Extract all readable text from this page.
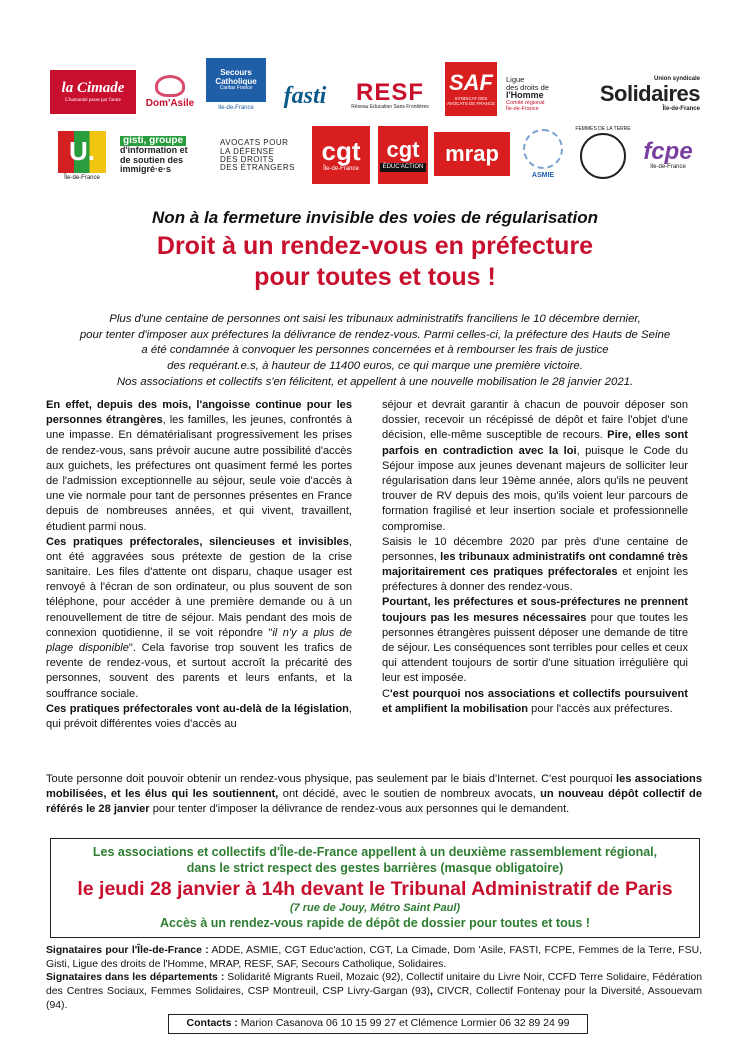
la Cimade
L'humanité passe par l'autre Dom'Asile
Secours
Catholique
Caritas France
Ile-de-France fasti RESF
Réseau Education Sans Frontières
SAF
SYNDICAT DES AVOCATS DE FRANCE
Ligue
des droits de
l'Homme
Comité régional
Île-de-France
Union syndicale
Solidaires
Île-de-France
U.
Île-de-France
gisti, groupe
d'information et
de soutien des
immigré·e·s
AVOCATS POUR
LA DÉFENSE
DES DROITS
DES ÉTRANGERS
cgt
Île-de-France
cgt
ÉDUC'ACTION
mrap
ASMIE
FEMMES DE LA TERRE
fcpe
Ile-de-France
Non à la fermeture invisible des voies de régularisation
Droit à un rendez-vous en préfecture
pour toutes et tous !

Plus d'une centaine de personnes ont saisi les tribunaux administratifs franciliens le 10 décembre dernier,

pour tenter d'imposer aux préfectures la délivrance de rendez-vous. Parmi celles-ci, la préfecture des Hauts de Seine

a été condamnée à convoquer les personnes concernées et à rembourser les frais de justice

des requérant.e.s, à hauteur de 11400 euros, ce qui marque une première victoire.

Nos associations et collectifs s'en félicitent, et appellent à une nouvelle mobilisation le 28 janvier 2021.

En effet, depuis des mois, l'angoisse continue pour les personnes étrangères, les familles, les jeunes, confrontés à une impasse. En dématérialisant progressivement les prises de rendez-vous, sans prévoir aucune autre possibilité d'accès aux guichets, les préfectures ont quasiment fermé les portes de l'admission exceptionnelle au séjour, seule voie d'accès à une vie normale pour tant de personnes présentes en France depuis de nombreuses années, et qui vivent, travaillent, étudient parmi nous.

Ces pratiques préfectorales, silencieuses et invisibles, ont été aggravées sous prétexte de gestion de la crise sanitaire. Les files d'attente ont disparu, chaque usager est renvoyé à l'écran de son ordinateur, ou plus souvent de son téléphone, pour accéder à une première demande ou à un renouvellement de titre de séjour. Mais pendant des mois de connexion quotidienne, il se voit répondre "il n'y a plus de plage disponible". Cela favorise trop souvent les trafics de revente de rendez-vous, et surtout accroît la précarité des personnes, souvent des parents et leurs enfants, et la souffrance sociale.

Ces pratiques préfectorales vont au-delà de la législation, qui prévoit différentes voies d'accès au

séjour et devrait garantir à chacun de pouvoir déposer son dossier, recevoir un récépissé de dépôt et faire l'objet d'une décision, elle-même susceptible de recours. Pire, elles sont parfois en contradiction avec la loi, puisque le Code du Séjour impose aux jeunes devenant majeurs de solliciter leur régularisation dans leur 19ème année, alors qu'ils ne peuvent trouver de RV depuis des mois, qu'ils voient leur parcours de formation fragilisé et leur insertion sociale et professionnelle compromise.

Saisis le 10 décembre 2020 par près d'une centaine de personnes, les tribunaux administratifs ont condamné très majoritairement ces pratiques préfectorales et enjoint les préfectures à donner des rendez-vous.

Pourtant, les préfectures et sous-préfectures ne prennent toujours pas les mesures nécessaires pour que toutes les personnes étrangères puissent déposer une demande de titre de séjour. Les conséquences sont terribles pour celles et ceux qui attendent toujours de sortir d'une situation irrégulière qui leur est imposée.

C'est pourquoi nos associations et collectifs poursuivent et amplifient la mobilisation pour l'accès aux préfectures.

Toute personne doit pouvoir obtenir un rendez-vous physique, pas seulement par le biais d'Internet. C'est pourquoi les associations mobilisées, et les élus qui les soutiennent, ont décidé, avec le soutien de nombreux avocats, un nouveau dépôt collectif de référés le 28 janvier pour tenter d'imposer la délivrance de rendez-vous aux personnes qui le demandent.
Les associations et collectifs d'Île-de-France appellent à un deuxième rassemblement régional,
dans le strict respect des gestes barrières (masque obligatoire)
le jeudi 28 janvier à 14h devant le Tribunal Administratif de Paris
(7 rue de Jouy, Métro Saint Paul)
Accès à un rendez-vous rapide de dépôt de dossier pour toutes et tous !

Signataires pour l'Île-de-France : ADDE, ASMIE, CGT Educ'action, CGT, La Cimade, Dom 'Asile, FASTI, FCPE, Femmes de la Terre, FSU, Gisti, Ligue des droits de l'Homme, MRAP, RESF, SAF, Secours Catholique, Solidaires.

Signataires dans les départements : Solidarité Migrants Rueil, Mozaic (92), Collectif unitaire du Livre Noir, CCFD Terre Solidaire, Fédération des Centres Sociaux, Femmes Solidaires, CSP Montreuil, CSP Livry-Gargan (93), CIVCR, Collectif Fontenay pour la Diversité, Assouevam (94).

Contacts : Marion Casanova 06 10 15 99 27 et Clémence Lormier 06 32 89 24 99
